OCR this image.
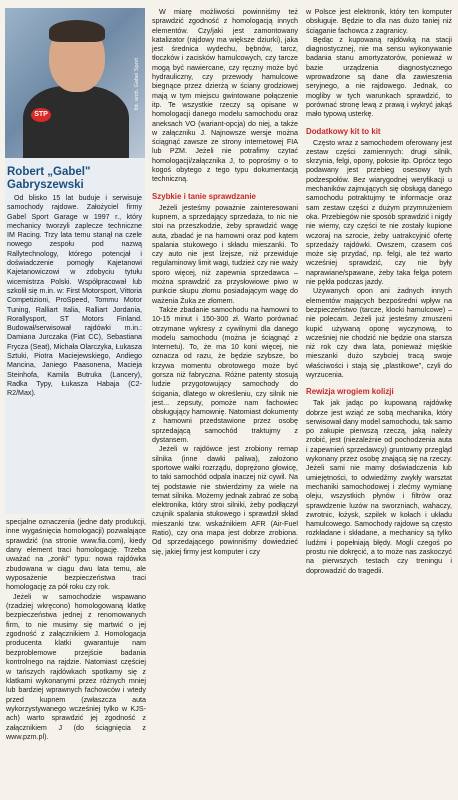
STP
fot. arch. Gabel Sport
Robert „Gabel"
Gabryszewski

Od blisko 15 lat buduje i serwisuje samochody rajdowe. Założyciel firmy Gabel Sport Garage w 1997 r., który mechanicy tworzyli zaplecze techniczne IM Racing. Trzy lata temu stanął na czele nowego zespołu pod nazwą Rallytechnology, którego potencjał i doświadczenie pomogły Kajetanowi Kajetanowiczowi w zdobyciu tytułu wicemistrza Polski. Współpracował lub szkolił się m.in. w: First Motorsport, Vittoria Competizioni, ProSpeed, Tommu Motor Tuning, Ralliart Italia, Ralliart Jordania, Rorallysport, ST Motors Finland. Budował/serwisował rajdówki m.in.: Damiana Jurczaka (Fiat CC), Sebastiana Frycza (Seat), Michała Olarczyka, Łukasza Sztuki, Piotra Maciejewskiego, Andiego Mancina, Janiego Paasonena, Macieja Steinhofa, Kamila Butruka (Lancery), Radka Typy, Łukasza Habaja (C2-R2/Max).

specjalne oznaczenia (jedne daty produkcji, inne wygaśnięcia homologacji) pozwalające sprawdzić (na stronie www.fia.com), kiedy dany element traci homologację. Trzeba uważać na „zonki" typu: nowa rajdówka zbudowana w ciągu dwu lata temu, ale wyposażenie bezpieczeństwa traci homologację za pół roku czy rok.

Jeżeli w samochodzie wspawano (rzadziej wkręcono) homologowaną klatkę bezpieczeństwa jednej z renomowanych firm, to nie musimy się martwić o jej zgodność z załącznikiem J. Homologacja producenta klatki gwarantuje nam bezproblemowe przejście badania kontrolnego na rajdzie. Natomiast częściej w tańszych rajdówkach spotkamy się z klatkami wykonanymi przez różnych mniej lub bardziej wprawnych fachowców i wtedy przed kupnem (zwłaszcza auta wykorzystywanego wcześniej tylko w KJS-ach) warto sprawdzić jej zgodność z załącznikiem J (do ściągnięcia z www.pzm.pl).

W miarę możliwości powinniśmy też sprawdzić zgodność z homologacją innych elementów. Czy/jaki jest zamontowany katalizator (rajdowy ma większe dziurki), jaka jest średnica wydechu, bębnów, tarcz, tłoczków i zacisków hamulcowych, czy tarcze mogą być nawiercane, czy ręczny może być hydrauliczny, czy przewody hamulcowe biegnące przez dzierżą w ściany grodziowej mają w tym miejscu gwintowane połączenie itp. Te wszystkie rzeczy są opisane w homologacji danego modelu samochodu oraz aneksach VO (wariant-opcja) do niej, a także w załączniku J. Najnowsze wersje można ściągnąć zawsze ze strony internetowej FIA lub PZM. Jeżeli nie potrafimy czytać homologacji/załącznika J, to poprośmy o to kogoś obytego z tego typu dokumentacją techniczną.

Szybkie i tanie sprawdzanie

Jeżeli jesteśmy poważnie zainteresowani kupnem, a sprzedający sprzedaża, to nic nie stoi na przeszkodzie, żeby sprawdzić wagę auta, zbadać je na hamowni oraz pod kątem spalania stukowego i składu mieszanki. To czy auto nie jest lżejsze, niż przewiduje regulaminowy limit wagi, tudzież czy nie waży sporo więcej, niż zapewnia sprzedawca – można sprawdzić za przysłowiowe piwo w punkcie skupu złomu posiadającym wagę do ważenia Żuka ze złomem.

Także zbadanie samochodu na hamowni to 10-15 minut i 150-300 zł. Warto porównać otrzymane wykresy z cywilnymi dla danego modelu samochodu (można je ściągnąć z Internetu). To, że ma 10 koni więcej, nie oznacza od razu, że będzie szybsze, bo krzywa momentu obrotowego może być gorsza niż fabryczna. Różne patenty stosują ludzie przygotowujący samochody do ścigania, dlatego w określeniu, czy silnik nie jest... zepsuty, pomoże nam fachowiec obsługujący hamownię. Natomiast dokumenty z hamowni przedstawione przez osobę sprzedającą samochód traktujmy z dystansem.

Jeżeli w rajdówce jest zrobiony remap silnika (inne dawki paliwa), założono sportowe wałki rozrządu, doprężono głowicę, to taki samochód odpala inaczej niż cywil. Na tej podstawie nie stwierdzimy za wiele na temat silnika. Możemy jednak zabrać ze sobą elektronika, który stroi silniki, żeby podłączył czujnik spalania stukowego i sprawdził skład mieszanki tzw. wskaźnikiem AFR (Air-Fuel Ratio), czy ona mapa jest dobrze zrobiona. Od sprzedającego powinniśmy dowiedzieć się, jakiej firmy jest komputer i czy

w Polsce jest elektronik, który ten komputer obsługuje. Będzie to dla nas dużo taniej niż ściąganie fachowca z zagranicy.

Będąc z kupowaną rajdówką na stacji diagnostycznej, nie ma sensu wykonywanie badania stanu amortyzatorów, ponieważ w bazie urządzenia diagnostycznego wprowadzone są dane dla zawieszenia seryjnego, a nie rajdowego. Jednak, co mogliby w tych warunkach sprawdzić, to porównać stronę lewą z prawą i wykryć jakąś mało typową usterkę.

Dodatkowy kit to kit

Często wraz z samochodem oferowany jest zestaw części zamiennych: drugi silnik, skrzynia, felgi, opony, połosie itp. Oprócz tego podawany jest przebieg osesowy tych podzespołów. Bez wiarygodnej weryfikacji u mechaników zajmujących się obsługą danego samochodu potraktujmy te informacje oraz sam zestaw części z dużym przymrużeniem oka. Przebiegów nie sposób sprawdzić i nigdy nie wiemy, czy części te nie zostały kupione wczoraj na szrocie, żeby uatrakcyjnić ofertę sprzedaży rajdówki. Owszem, czasem coś może się przydać, np. felgi, ale też warto wcześniej sprawdzić, czy nie były naprawiane/spawane, żeby taka felga potem nie pękła podczas jazdy.

Używanych opon ani żadnych innych elementów mających bezpośredni wpływ na bezpieczeństwo (tarcze, klocki hamulcowe) – nie polecam. Jeżeli już jesteśmy zmuszeni kupić używaną oponę wyczynową, to wcześniej nie chodzić nie będzie ona starsza niż rok czy dwa lata, ponieważ mięśkie mieszanki dużo szybciej tracą swoje właściwości i stają się „plastikowe", czyli do wyrzucenia.

Rewizja wrogiem kolizji

Tak jak jadąc po kupowaną rajdówkę dobrze jest wziąć ze sobą mechanika, który serwisował dany model samochodu, tak samo po zakupie pierwszą rzeczą, jaką należy zrobić, jest (niezależnie od pochodzenia auta i zapewnień sprzedawcy) gruntowny przegląd wykonany przez osobę znającą się na rzeczy. Jeżeli sami nie mamy doświadczenia lub umiejętności, to odwiedźmy zwykły warsztat mechaniki samochodowej i zlećmy wymianę oleju, wszystkich płynów i filtrów oraz sprawdzenie luzów na sworzniach, wahaczy, zwrotnic, łożysk, szpilek w kołach i układu hamulcowego. Samochody rajdowe są często rozkładane i składane, a mechanicy są tylko ludźmi i popełniają błędy. Mogli czegoś po prostu nie dokręcić, a to może nas zaskoczyć na pierwszych testach czy treningu i doprowadzić do tragedii.
